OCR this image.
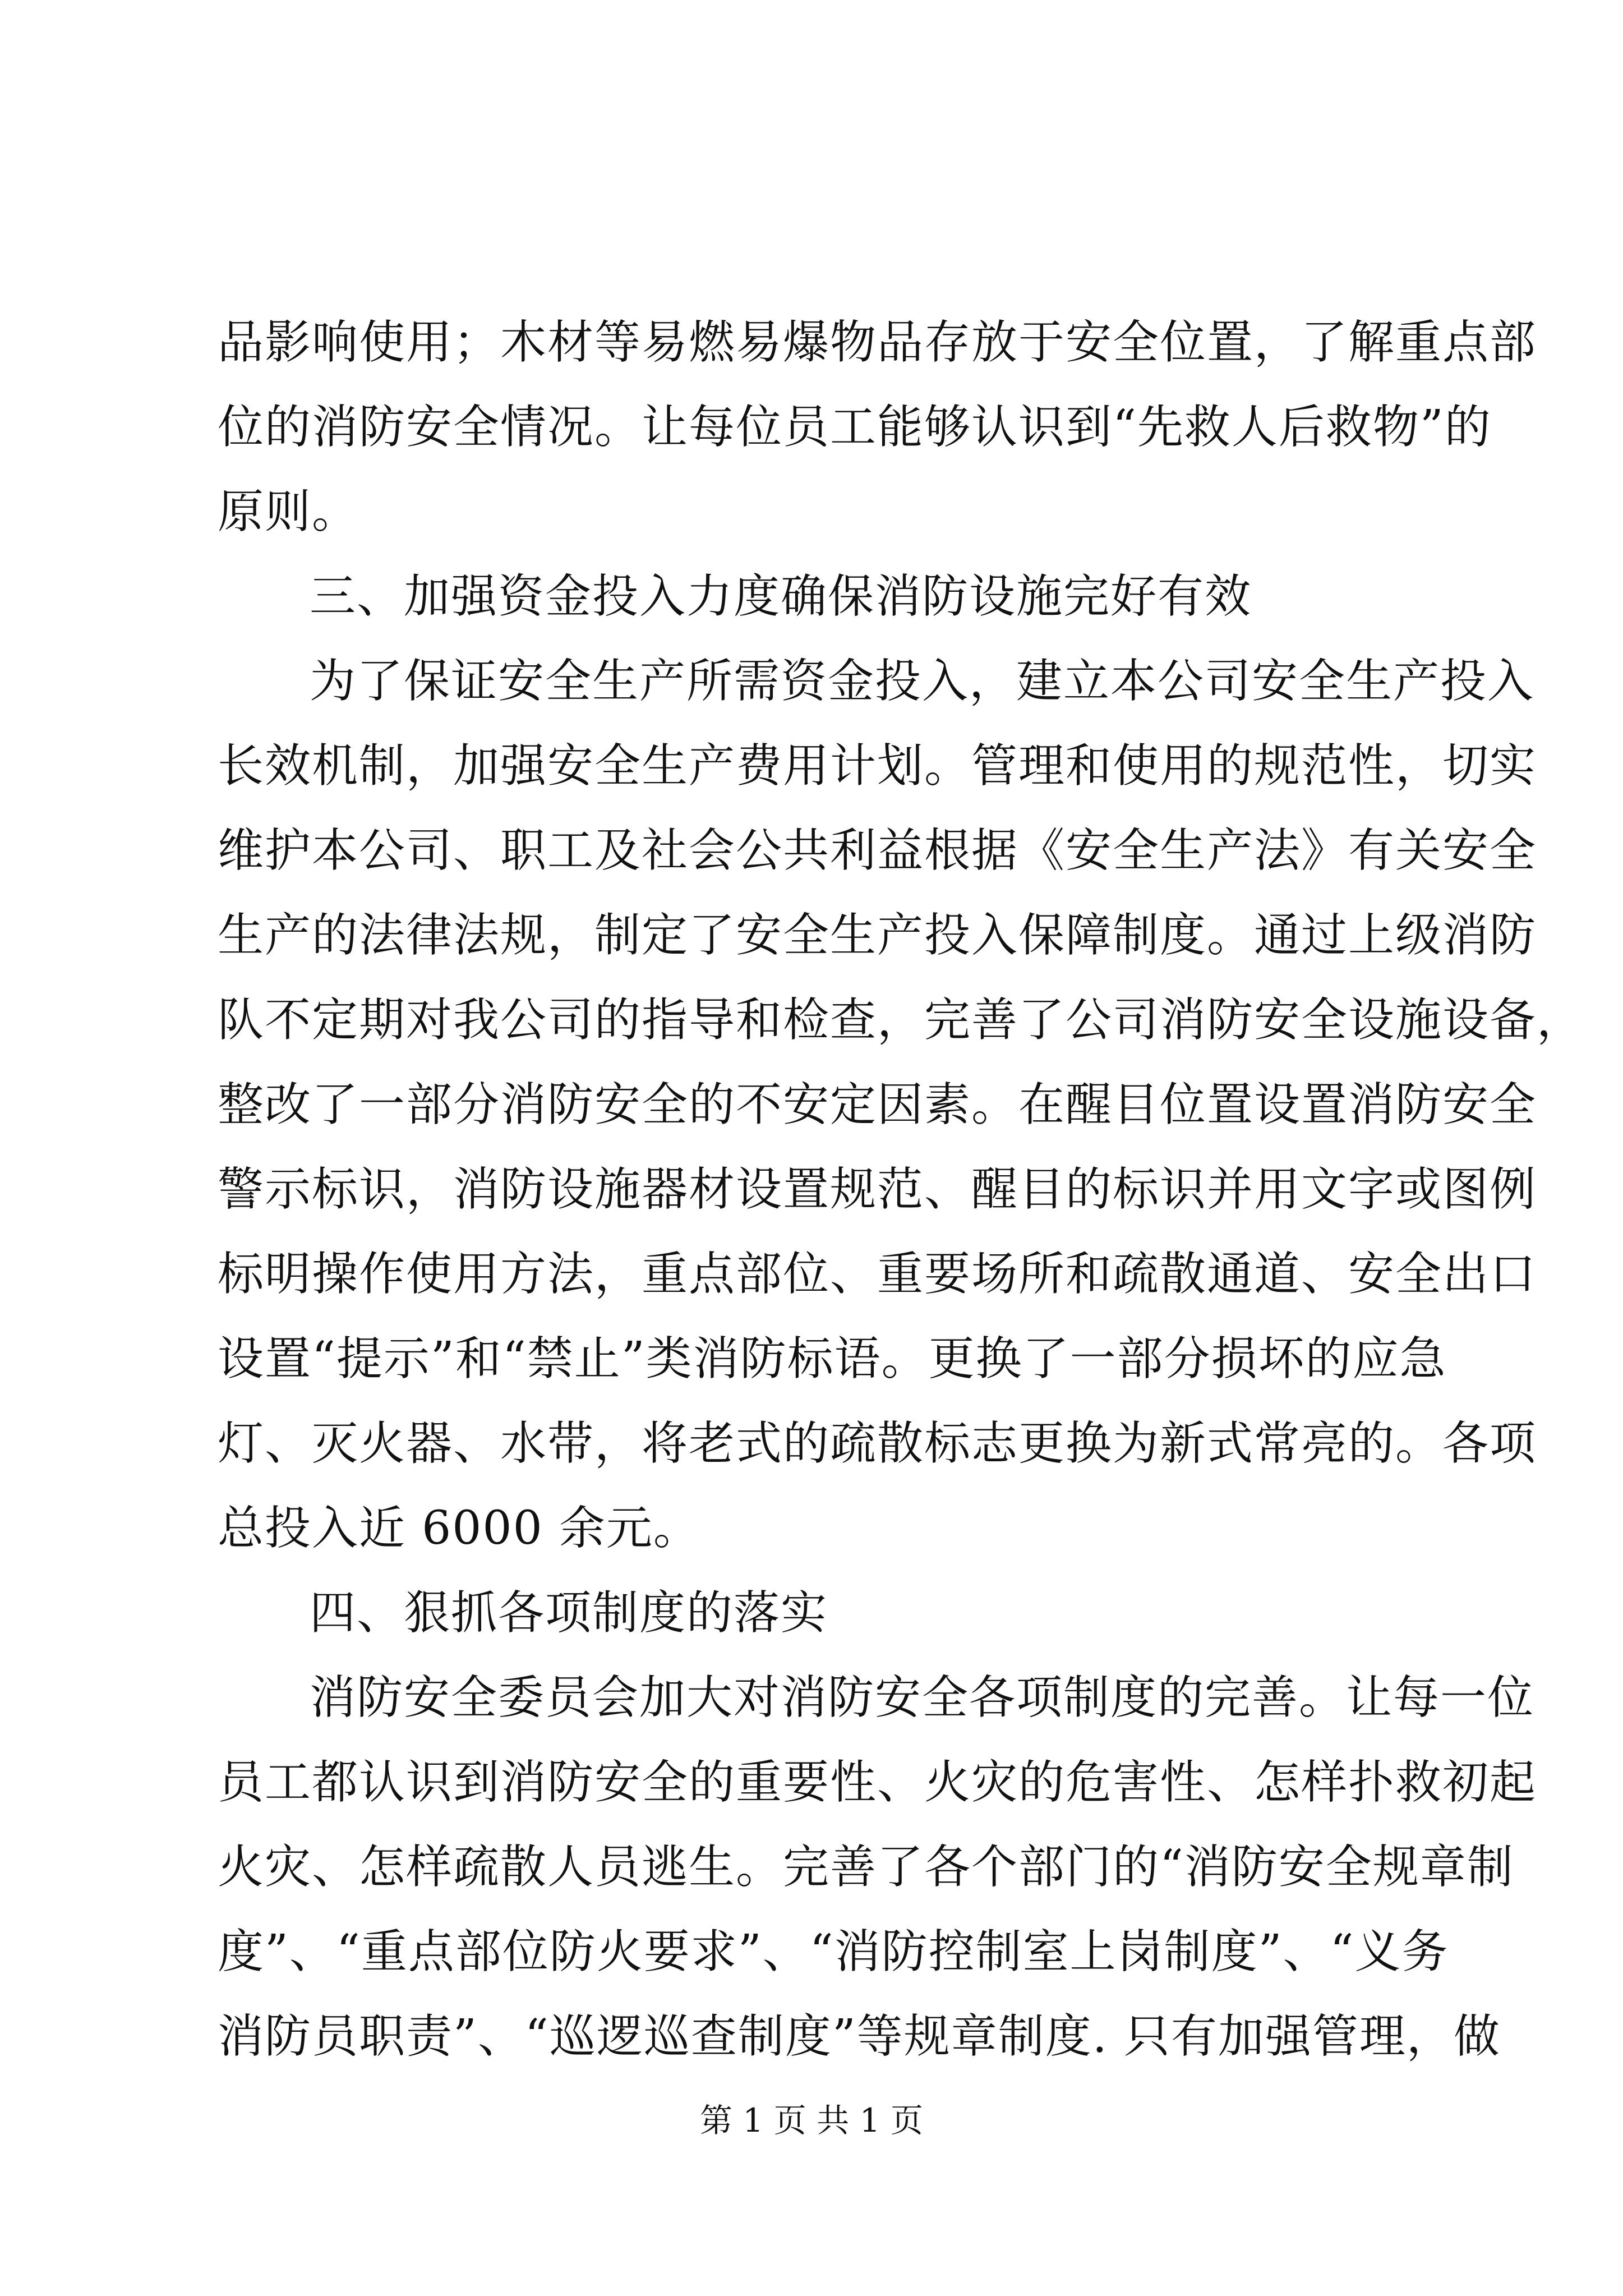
品影响使用；木材等易燃易爆物品存放于安全位置，了解重点部
位的消防安全情况。让每位员工能够认识到“先救人后救物”的
原则。
三、加强资金投入力度确保消防设施完好有效
为了保证安全生产所需资金投入，建立本公司安全生产投入
长效机制，加强安全生产费用计划。管理和使用的规范性，切实
维护本公司、职工及社会公共利益根据《安全生产法》有关安全
生产的法律法规，制定了安全生产投入保障制度。通过上级消防
队不定期对我公司的指导和检查，完善了公司消防安全设施设备，
整改了一部分消防安全的不安定因素。在醒目位置设置消防安全
警示标识，消防设施器材设置规范、醒目的标识并用文字或图例
标明操作使用方法，重点部位、重要场所和疏散通道、安全出口
设置“提示”和“禁止”类消防标语。更换了一部分损坏的应急
灯、灭火器、水带，将老式的疏散标志更换为新式常亮的。各项
总投入近 6000 余元。
四、狠抓各项制度的落实
消防安全委员会加大对消防安全各项制度的完善。让每一位
员工都认识到消防安全的重要性、火灾的危害性、怎样扑救初起
火灾、怎样疏散人员逃生。完善了各个部门的“消防安全规章制
度”、“重点部位防火要求”、“消防控制室上岗制度”、“义务
消防员职责”、“巡逻巡查制度”等规章制度. 只有加强管理，做
第 1 页 共 1 页
